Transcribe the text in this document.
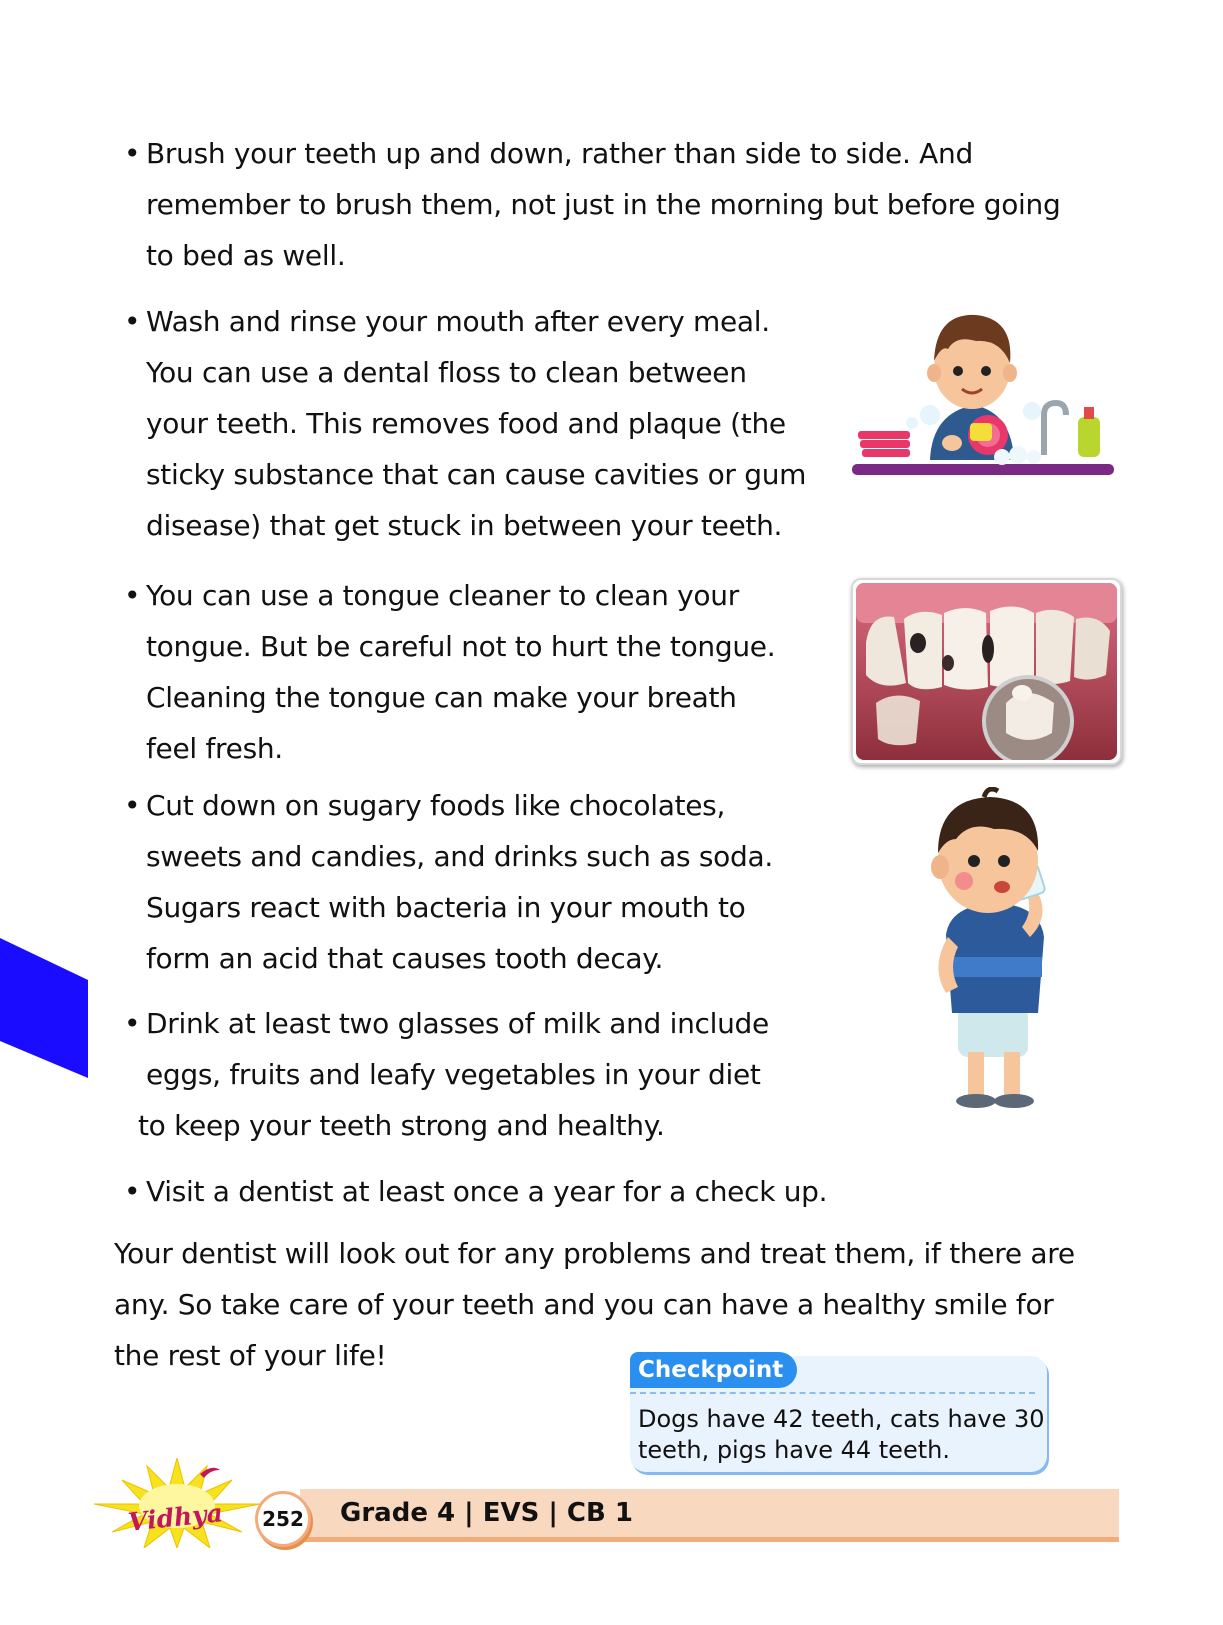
• Brush your teeth up and down, rather than side to side. And
remember to brush them, not just in the morning but before going
to bed as well.
• Wash and rinse your mouth after every meal.
You can use a dental floss to clean between
your teeth. This removes food and plaque (the
sticky substance that can cause cavities or gum
disease) that get stuck in between your teeth.
• You can use a tongue cleaner to clean your
tongue. But be careful not to hurt the tongue.
Cleaning the tongue can make your breath
feel fresh.
• Cut down on sugary foods like chocolates,
sweets and candies, and drinks such as soda.
Sugars react with bacteria in your mouth to
form an acid that causes tooth decay.
• Drink at least two glasses of milk and include
eggs, fruits and leafy vegetables in your diet
to keep your teeth strong and healthy.
• Visit a dentist at least once a year for a check up.
Your dentist will look out for any problems and treat them, if there are
any. So take care of your teeth and you can have a healthy smile for
the rest of your life!	Checkpoint
Dogs have 42 teeth, cats have 30 teeth, pigs have 44 teeth.
Grade 4 | EVS | CB 1
252
Vidhya
